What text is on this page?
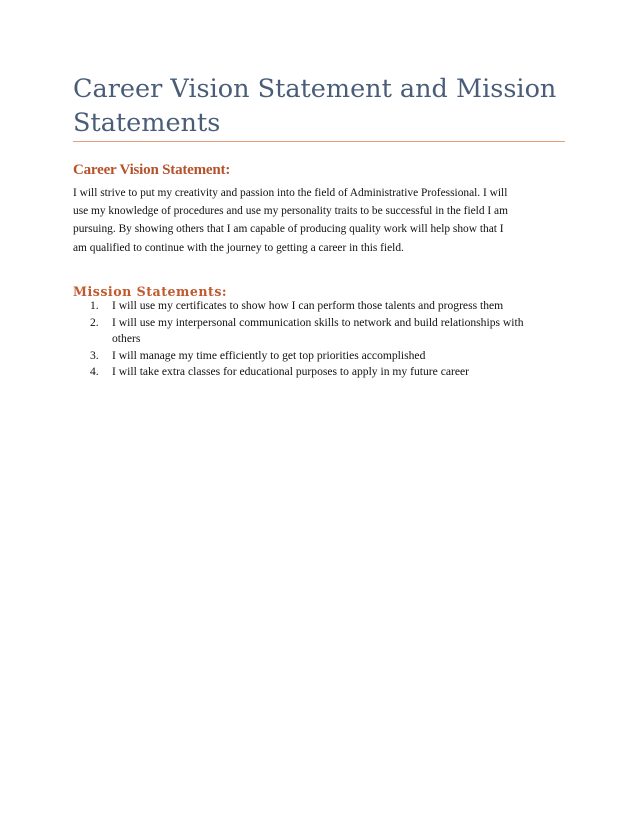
Career Vision Statement and Mission
Statements
Career Vision Statement:

I will strive to put my creativity and passion into the field of Administrative Professional. I will
use my knowledge of procedures and use my personality traits to be successful in the field I am
pursuing. By showing others that I am capable of producing quality work will help show that I
am qualified to continue with the journey to getting a career in this field.

Mission Statements:
1. I will use my certificates to show how I can perform those talents and progress them
2. I will use my interpersonal communication skills to network and build relationships with
others
3. I will manage my time efficiently to get top priorities accomplished
4. I will take extra classes for educational purposes to apply in my future career
